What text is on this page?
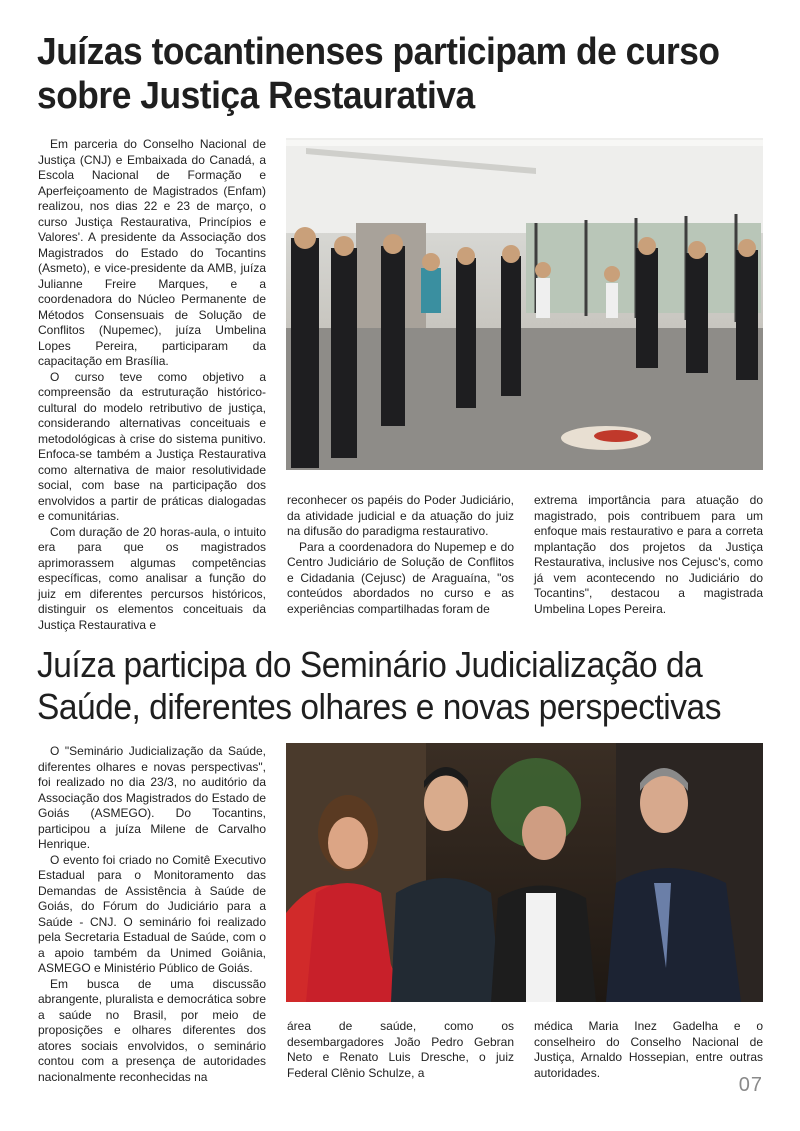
Juízas tocantinenses participam de curso sobre Justiça Restaurativa

Em parceria do Conselho Nacional de Justiça (CNJ) e Embaixada do Canadá, a Escola Nacional de Formação e Aperfeiçoamento de Magistrados (Enfam) realizou, nos dias 22 e 23 de março, o curso Justiça Restaurativa, Princípios e Valores'. A presidente da Associação dos Magistrados do Estado do Tocantins (Asmeto), e vice-presidente da AMB, juíza Julianne Freire Marques, e a coordenadora do Núcleo Permanente de Métodos Consensuais de Solução de Conflitos (Nupemec), juíza Umbelina Lopes Pereira, participaram da capacitação em Brasília.

O curso teve como objetivo a compreensão da estruturação histórico-cultural do modelo retributivo de justiça, considerando alternativas conceituais e metodológicas à crise do sistema punitivo. Enfoca-se também a Justiça Restaurativa como alternativa de maior resolutividade social, com base na participação dos envolvidos a partir de práticas dialogadas e comunitárias.

Com duração de 20 horas-aula, o intuito era para que os magistrados aprimorassem algumas competências específicas, como analisar a função do juiz em diferentes percursos históricos, distinguir os elementos conceituais da Justiça Restaurativa e

reconhecer os papéis do Poder Judiciário, da atividade judicial e da atuação do juiz na difusão do paradigma restaurativo.

Para a coordenadora do Nupemep e do Centro Judiciário de Solução de Conflitos e Cidadania (Cejusc) de Araguaína, "os conteúdos abordados no curso e as experiências compartilhadas foram de

extrema importância para atuação do magistrado, pois contribuem para um enfoque mais restaurativo e para a correta mplantação dos projetos da Justiça Restaurativa, inclusive nos Cejusc's, como já vem acontecendo no Judiciário do Tocantins", destacou a magistrada Umbelina Lopes Pereira.

Juíza participa do Seminário Judicialização da Saúde, diferentes olhares e novas perspectivas

O "Seminário Judicialização da Saúde, diferentes olhares e novas perspectivas", foi realizado no dia 23/3, no auditório da Associação dos Magistrados do Estado de Goiás (ASMEGO). Do Tocantins, participou a juíza Milene de Carvalho Henrique.

O evento foi criado no Comitê Executivo Estadual para o Monitoramento das Demandas de Assistência à Saúde de Goiás, do Fórum do Judiciário para a Saúde - CNJ. O seminário foi realizado pela Secretaria Estadual de Saúde, com o a apoio também da Unimed Goiânia, ASMEGO e Ministério Público de Goiás.

Em busca de uma discussão abrangente, pluralista e democrática sobre a saúde no Brasil, por meio de proposições e olhares diferentes dos atores sociais envolvidos, o seminário contou com a presença de autoridades nacionalmente reconhecidas na

área de saúde, como os desembargadores João Pedro Gebran Neto e Renato Luis Dresche, o juiz Federal Clênio Schulze, a

médica Maria Inez Gadelha e o conselheiro do Conselho Nacional de Justiça, Arnaldo Hossepian, entre outras autoridades.

07
